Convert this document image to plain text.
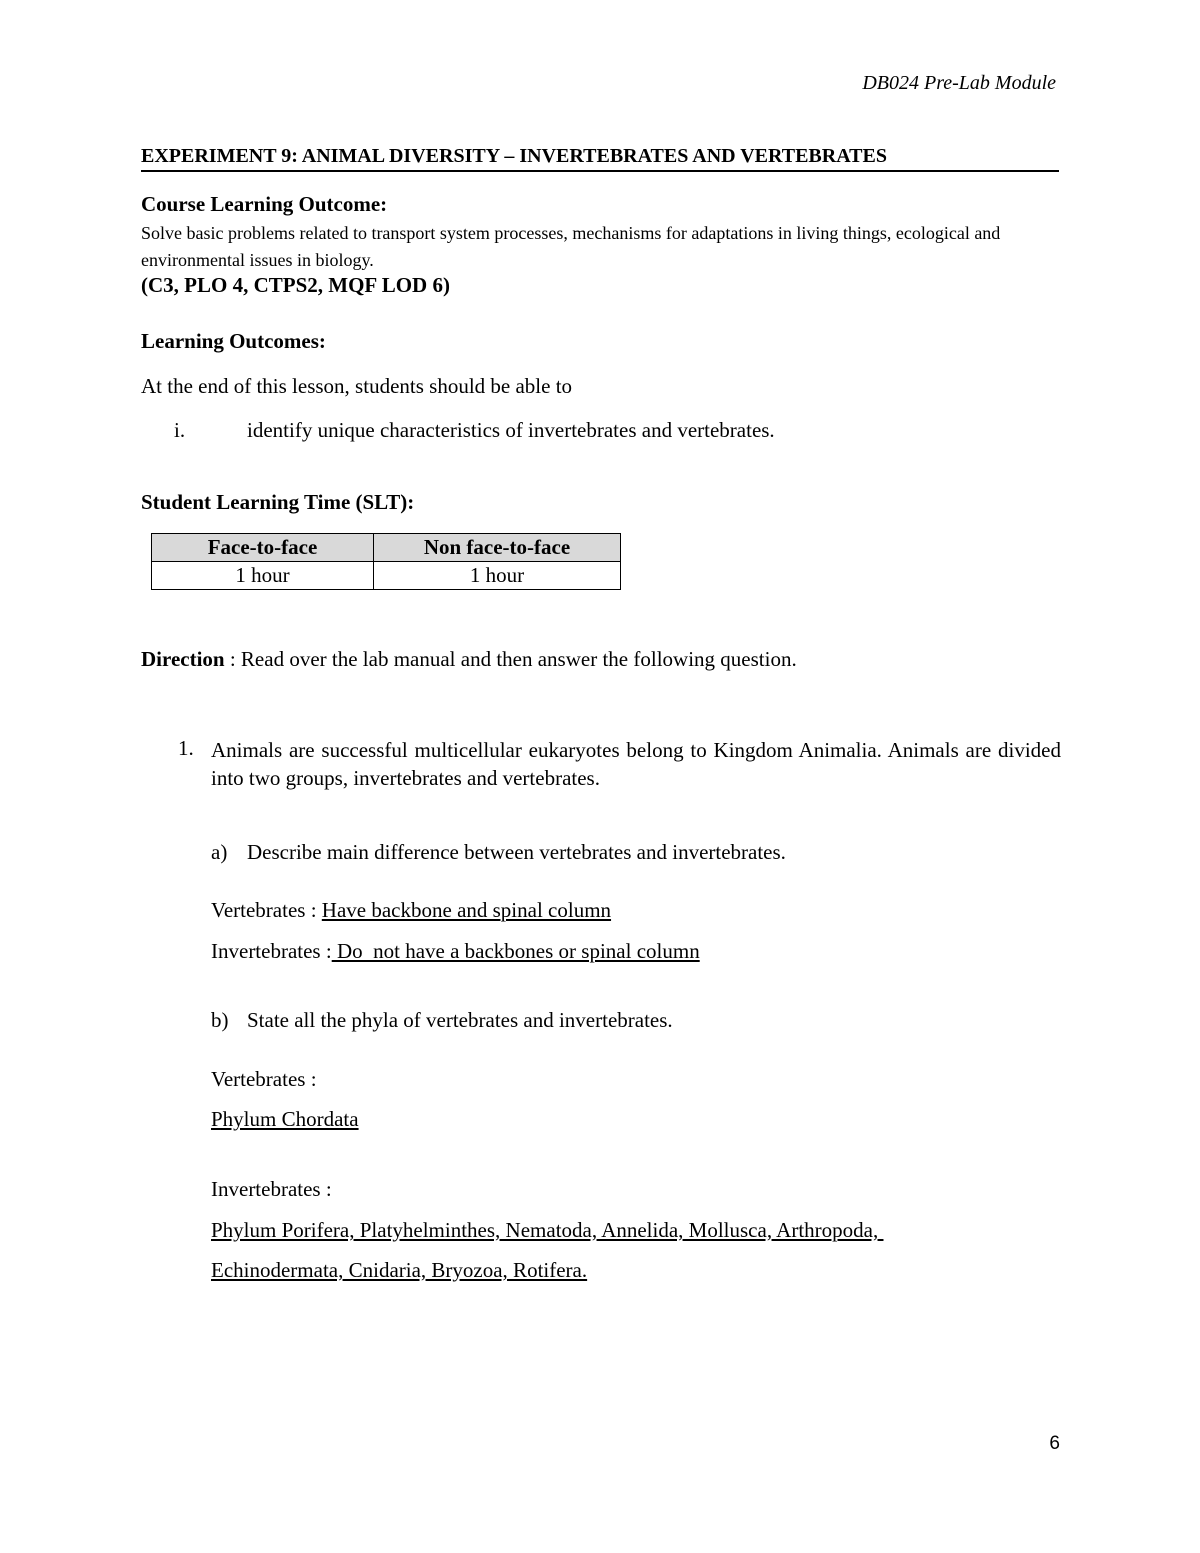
DB024 Pre-Lab Module
EXPERIMENT 9: ANIMAL DIVERSITY – INVERTEBRATES AND VERTEBRATES
Course Learning Outcome:
Solve basic problems related to transport system processes, mechanisms for adaptations in living things, ecological and environmental issues in biology.
(C3, PLO 4, CTPS2, MQF LOD 6)
Learning Outcomes:
At the end of this lesson, students should be able to
i.	identify unique characteristics of invertebrates and vertebrates.
Student Learning Time (SLT):
Face-to-face	Non face-to-face
1 hour	1 hour
Direction : Read over the lab manual and then answer the following question.
1. Animals are successful multicellular eukaryotes belong to Kingdom Animalia. Animals are divided into two groups, invertebrates and vertebrates.
a) Describe main difference between vertebrates and invertebrates.
Vertebrates : Have backbone and spinal column
Invertebrates : Do  not have a backbones or spinal column
b) State all the phyla of vertebrates and invertebrates.
Vertebrates :
Phylum Chordata
Invertebrates :
Phylum Porifera, Platyhelminthes, Nematoda, Annelida, Mollusca, Arthropoda,
Echinodermata, Cnidaria, Bryozoa, Rotifera.
6
